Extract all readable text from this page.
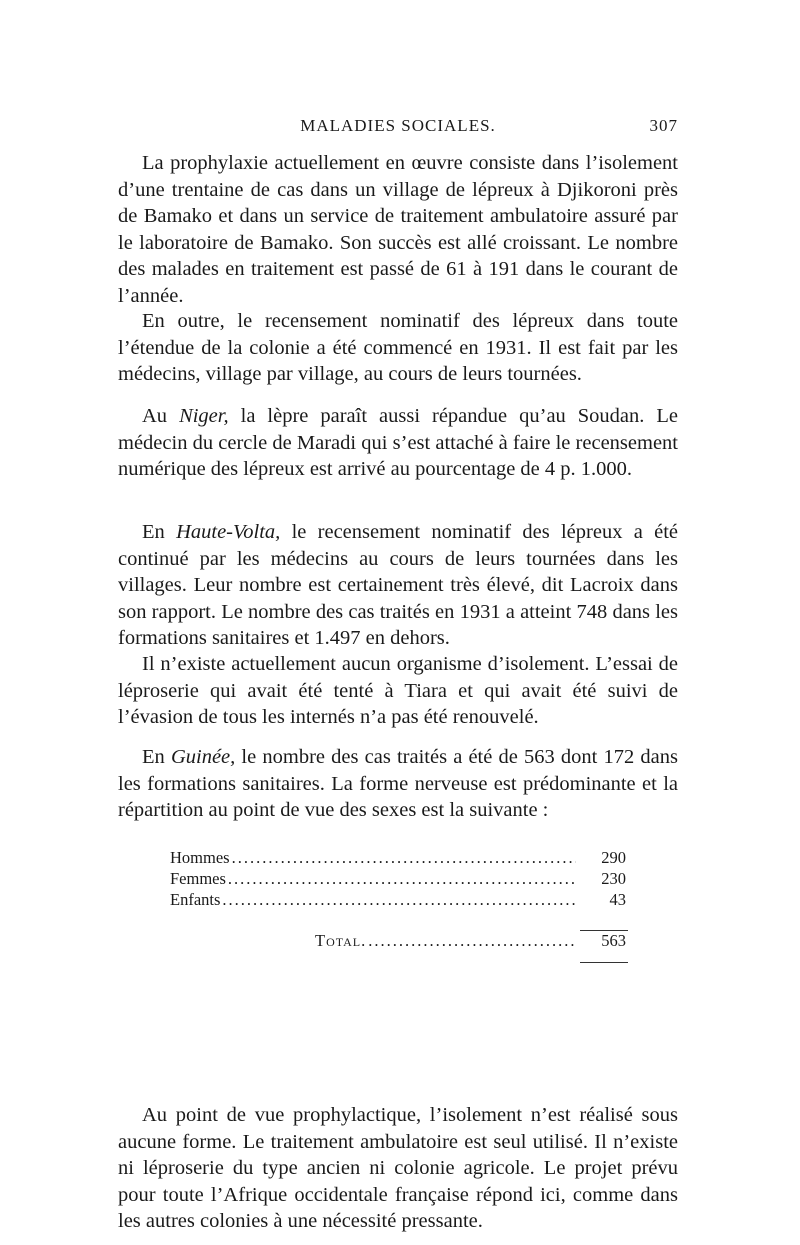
MALADIES SOCIALES.	307

La prophylaxie actuellement en œuvre consiste dans l’isolement d’une trentaine de cas dans un village de lépreux à Djikoroni près de Bamako et dans un service de traitement ambulatoire assuré par le laboratoire de Bamako. Son succès est allé croissant. Le nombre des malades en traitement est passé de 61 à 191 dans le courant de l’année.

En outre, le recensement nominatif des lépreux dans toute l’étendue de la colonie a été commencé en 1931. Il est fait par les médecins, village par village, au cours de leurs tournées.

Au Niger, la lèpre paraît aussi répandue qu’au Soudan. Le médecin du cercle de Maradi qui s’est attaché à faire le recensement numérique des lépreux est arrivé au pourcentage de 4 p. 1.000.

En Haute-Volta, le recensement nominatif des lépreux a été continué par les médecins au cours de leurs tournées dans les villages. Leur nombre est certainement très élevé, dit Lacroix dans son rapport. Le nombre des cas traités en 1931 a atteint 748 dans les formations sanitaires et 1.497 en dehors.

Il n’existe actuellement aucun organisme d’isolement. L’essai de léproserie qui avait été tenté à Tiara et qui avait été suivi de l’évasion de tous les internés n’a pas été renouvelé.

En Guinée, le nombre des cas traités a été de 563 dont 172 dans les formations sanitaires. La forme nerveuse est prédominante et la répartition au point de vue des sexes est la suivante :

Hommes .....	290
Femmes .....	230
Enfants .....	43
Total. .....	563

Au point de vue prophylactique, l’isolement n’est réalisé sous aucune forme. Le traitement ambulatoire est seul utilisé. Il n’existe ni léproserie du type ancien ni colonie agricole. Le projet prévu pour toute l’Afrique occidentale française répond ici, comme dans les autres colonies à une nécessité pressante.
